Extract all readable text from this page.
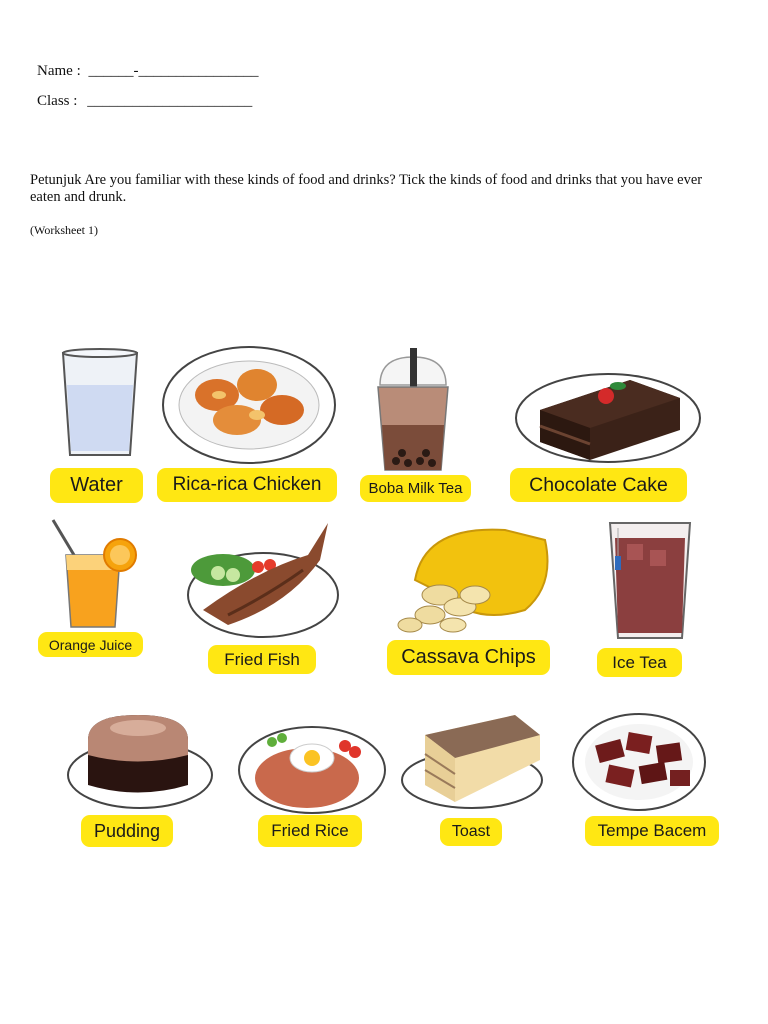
Name : ______-________________
Class : ______________________
Petunjuk Are you familiar with these kinds of food and drinks? Tick the kinds of food and drinks that you have ever eaten and drunk.
(Worksheet 1)
Water	Rica-rica Chicken	Boba Milk Tea	Chocolate Cake
Orange Juice
Fried Fish	Cassava Chips	Ice Tea
Pudding	Fried Rice	Toast	Tempe Bacem
